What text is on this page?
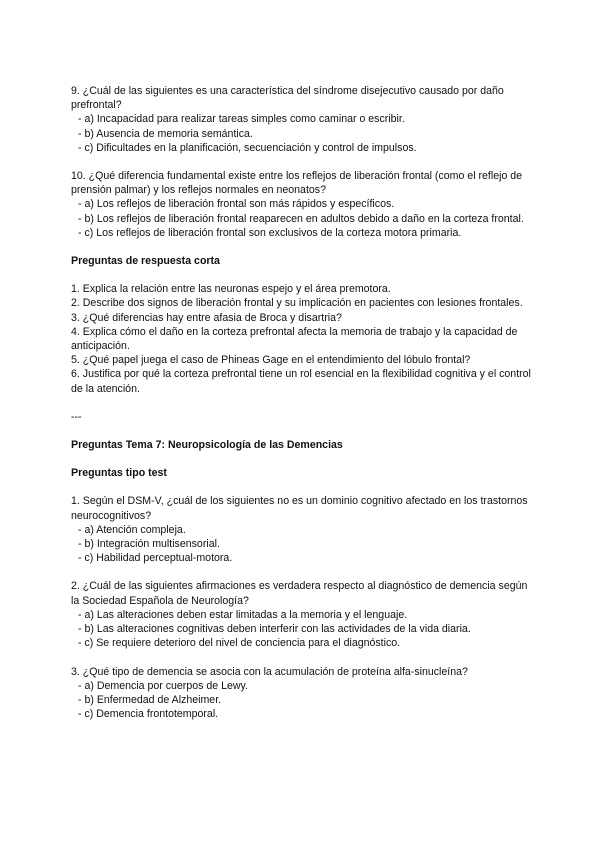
9. ¿Cuál de las siguientes es una característica del síndrome disejecutivo causado por daño prefrontal?

- a) Incapacidad para realizar tareas simples como caminar o escribir.

- b) Ausencia de memoria semántica.

- c) Dificultades en la planificación, secuenciación y control de impulsos.

10. ¿Qué diferencia fundamental existe entre los reflejos de liberación frontal (como el reflejo de prensión palmar) y los reflejos normales en neonatos?

- a) Los reflejos de liberación frontal son más rápidos y específicos.

- b) Los reflejos de liberación frontal reaparecen en adultos debido a daño en la corteza frontal.

- c) Los reflejos de liberación frontal son exclusivos de la corteza motora primaria.

Preguntas de respuesta corta

1. Explica la relación entre las neuronas espejo y el área premotora.

2. Describe dos signos de liberación frontal y su implicación en pacientes con lesiones frontales.

3. ¿Qué diferencias hay entre afasia de Broca y disartria?

4. Explica cómo el daño en la corteza prefrontal afecta la memoria de trabajo y la capacidad de anticipación.

5. ¿Qué papel juega el caso de Phineas Gage en el entendimiento del lóbulo frontal?

6. Justifica por qué la corteza prefrontal tiene un rol esencial en la flexibilidad cognitiva y el control de la atención.

---

Preguntas Tema 7: Neuropsicología de las Demencias

Preguntas tipo test

1. Según el DSM-V, ¿cuál de los siguientes no es un dominio cognitivo afectado en los trastornos neurocognitivos?

- a) Atención compleja.

- b) Integración multisensorial.

- c) Habilidad perceptual-motora.

2. ¿Cuál de las siguientes afirmaciones es verdadera respecto al diagnóstico de demencia según la Sociedad Española de Neurología?

- a) Las alteraciones deben estar limitadas a la memoria y el lenguaje.

- b) Las alteraciones cognitivas deben interferir con las actividades de la vida diaria.

- c) Se requiere deterioro del nivel de conciencia para el diagnóstico.

3. ¿Qué tipo de demencia se asocia con la acumulación de proteína alfa-sinucleína?

- a) Demencia por cuerpos de Lewy.

- b) Enfermedad de Alzheimer.

- c) Demencia frontotemporal.
